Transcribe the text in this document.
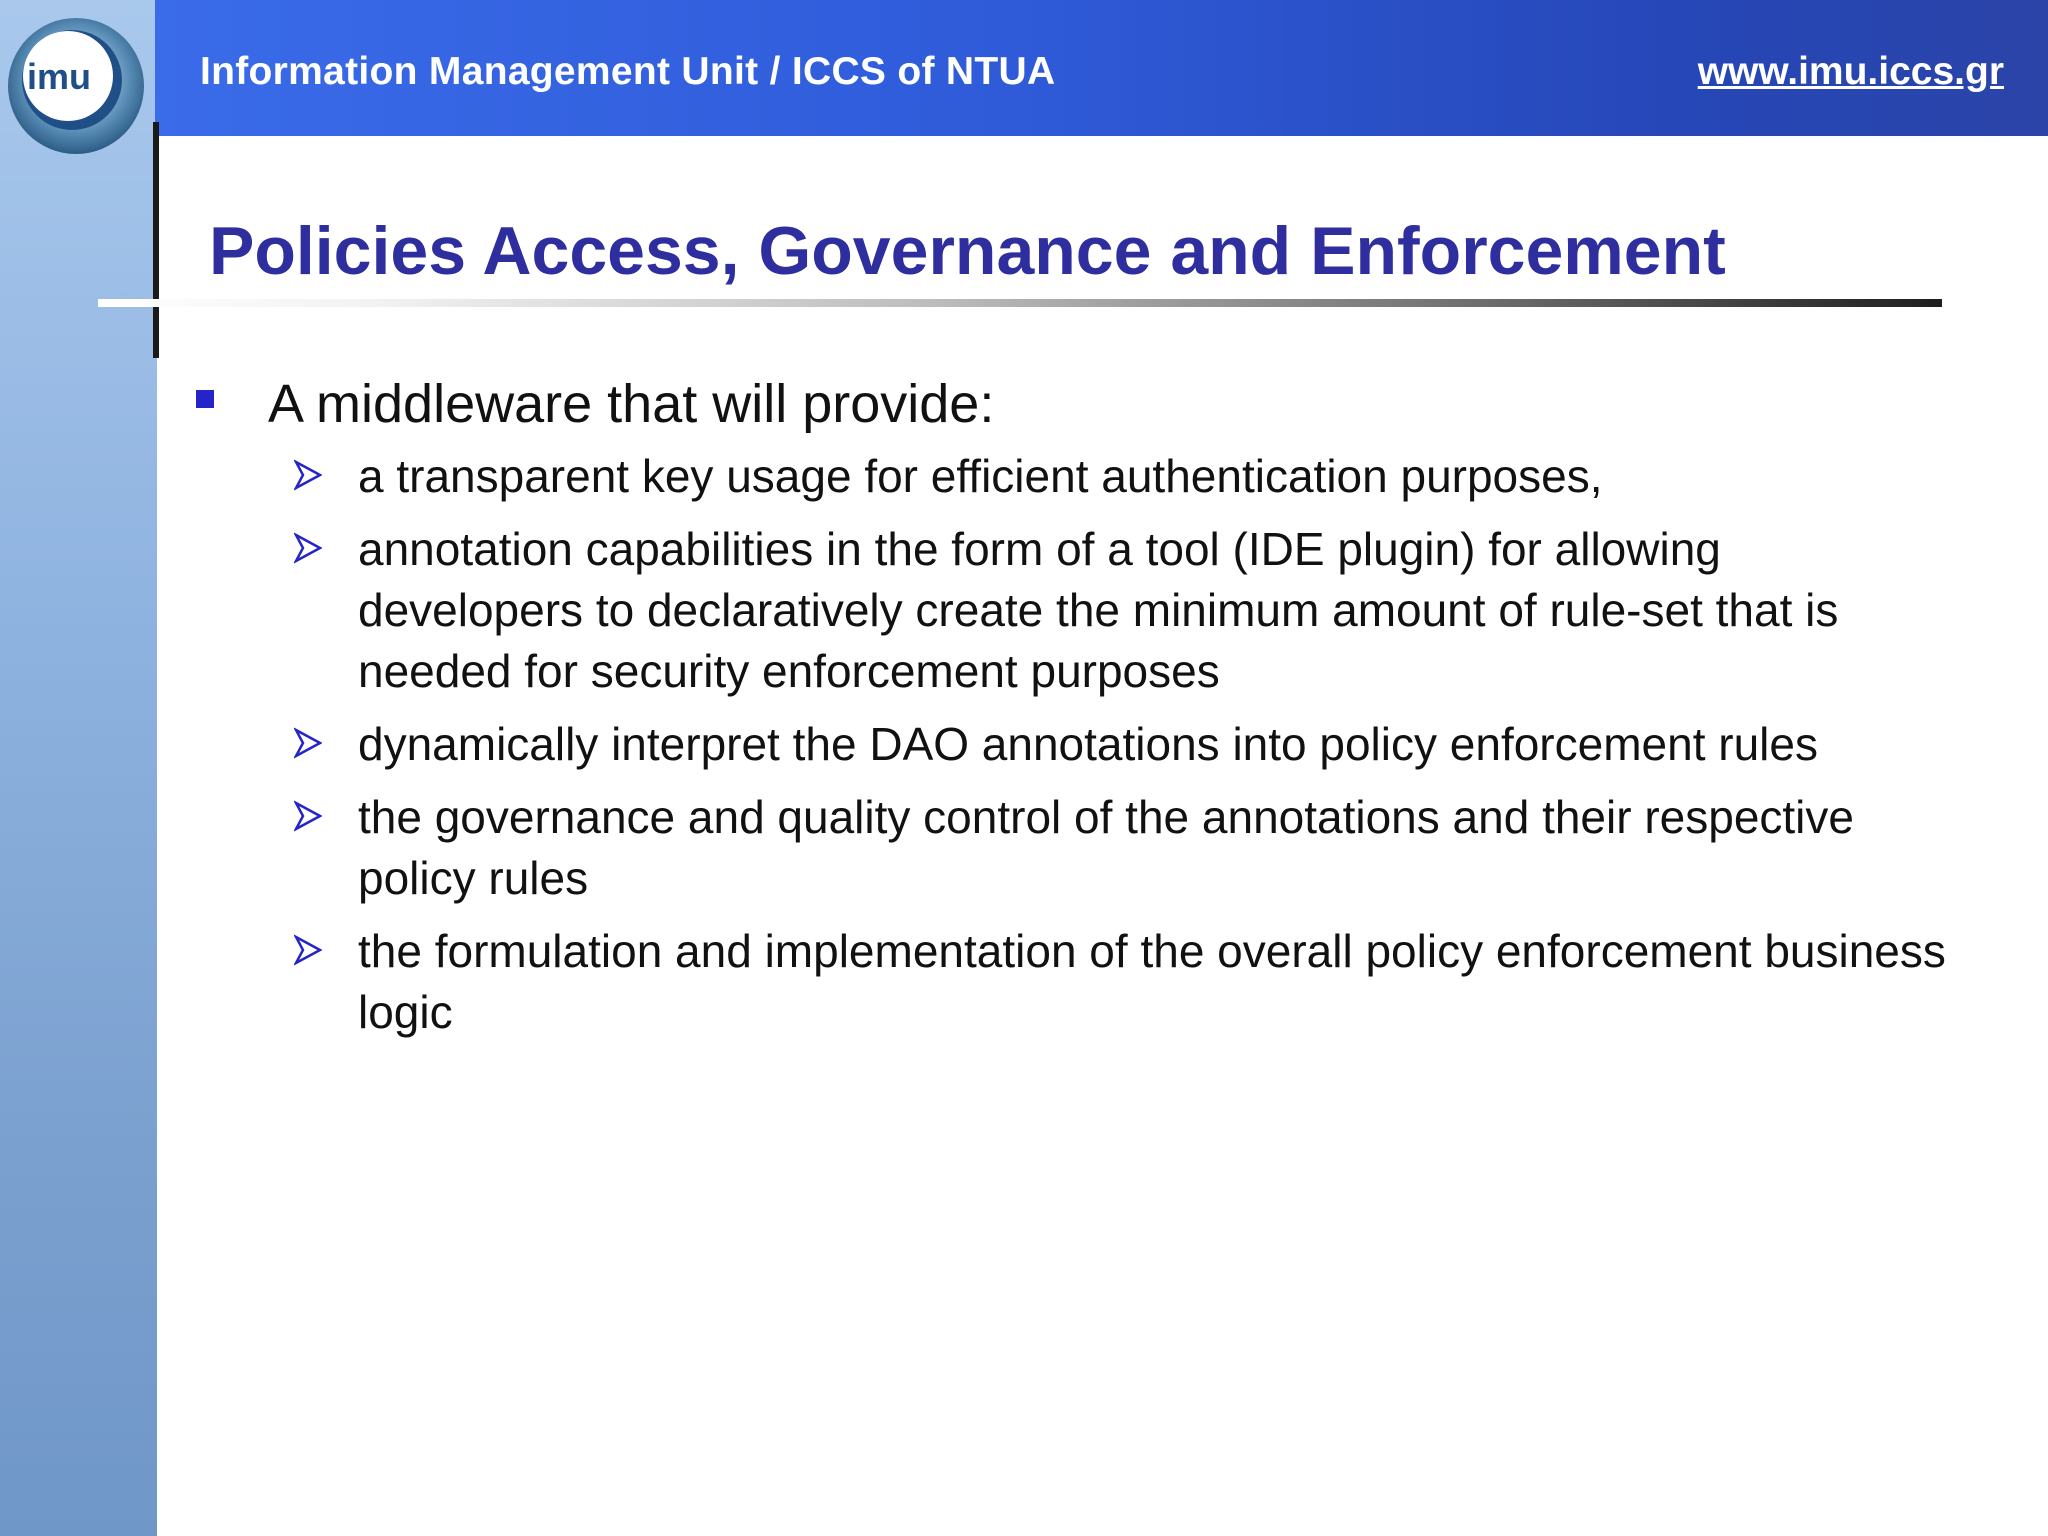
Information Management Unit / ICCS of NTUA	www.imu.iccs.gr
imu
Policies Access, Governance and Enforcement
A middleware that will provide:
a transparent key usage for efficient authentication purposes,
annotation capabilities in the form of a tool (IDE plugin) for allowing developers to declaratively create the minimum amount of rule-set that is needed for security enforcement purposes
dynamically interpret the DAO annotations into policy enforcement rules
the governance and quality control of the annotations and their respective policy rules
the formulation and implementation of the overall policy enforcement business logic
